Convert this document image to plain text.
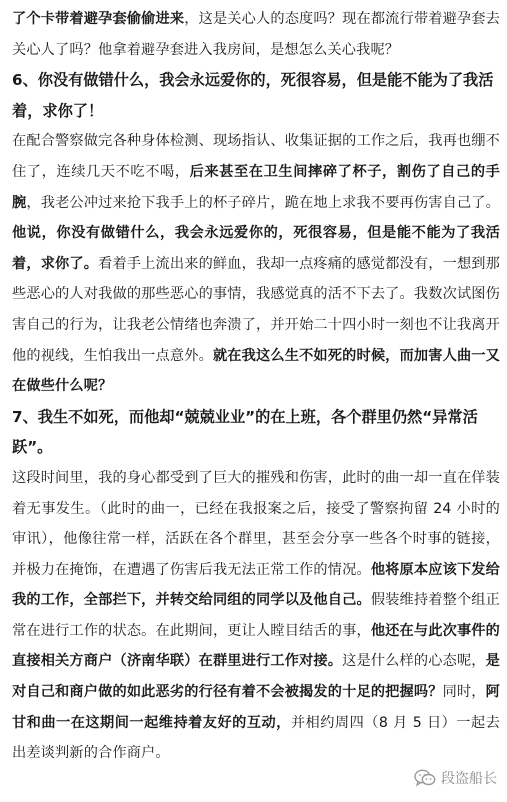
了个卡带着避孕套偷偷进来，这是关心人的态度吗？现在都流行带着避孕套去关心人了吗？他拿着避孕套进入我房间，是想怎么关心我呢？

6、你没有做错什么，我会永远爱你的，死很容易，但是能不能为了我活着，求你了！

在配合警察做完各种身体检测、现场指认、收集证据的工作之后，我再也绷不住了，连续几天不吃不喝，后来甚至在卫生间摔碎了杯子，割伤了自己的手腕，我老公冲过来抢下我手上的杯子碎片，跪在地上求我不要再伤害自己了。他说，你没有做错什么，我会永远爱你的，死很容易，但是能不能为了我活着，求你了。看着手上流出来的鲜血，我却一点疼痛的感觉都没有，一想到那些恶心的人对我做的那些恶心的事情，我感觉真的活不下去了。我数次试图伤害自己的行为，让我老公情绪也奔溃了，并开始二十四小时一刻也不让我离开他的视线，生怕我出一点意外。就在我这么生不如死的时候，而加害人曲一又在做些什么呢？

7、我生不如死，而他却“兢兢业业”的在上班，各个群里仍然“异常活跃”。

这段时间里，我的身心都受到了巨大的摧残和伤害，此时的曲一却一直在佯装着无事发生。（此时的曲一，已经在我报案之后，接受了警察拘留 24 小时的审讯），他像往常一样，活跃在各个群里，甚至会分享一些各个时事的链接，并极力在掩饰，在遭遇了伤害后我无法正常工作的情况。他将原本应该下发给我的工作，全部拦下，并转交给同组的同学以及他自己。假装维持着整个组正常在进行工作的状态。在此期间，更让人瞠目结舌的事，他还在与此次事件的直接相关方商户（济南华联）在群里进行工作对接。这是什么样的心态呢，是对自己和商户做的如此恶劣的行径有着不会被揭发的十足的把握吗？同时，阿甘和曲一在这期间一起维持着友好的互动，并相约周四（8 月 5 日）一起去出差谈判新的合作商户。

段盗船长
